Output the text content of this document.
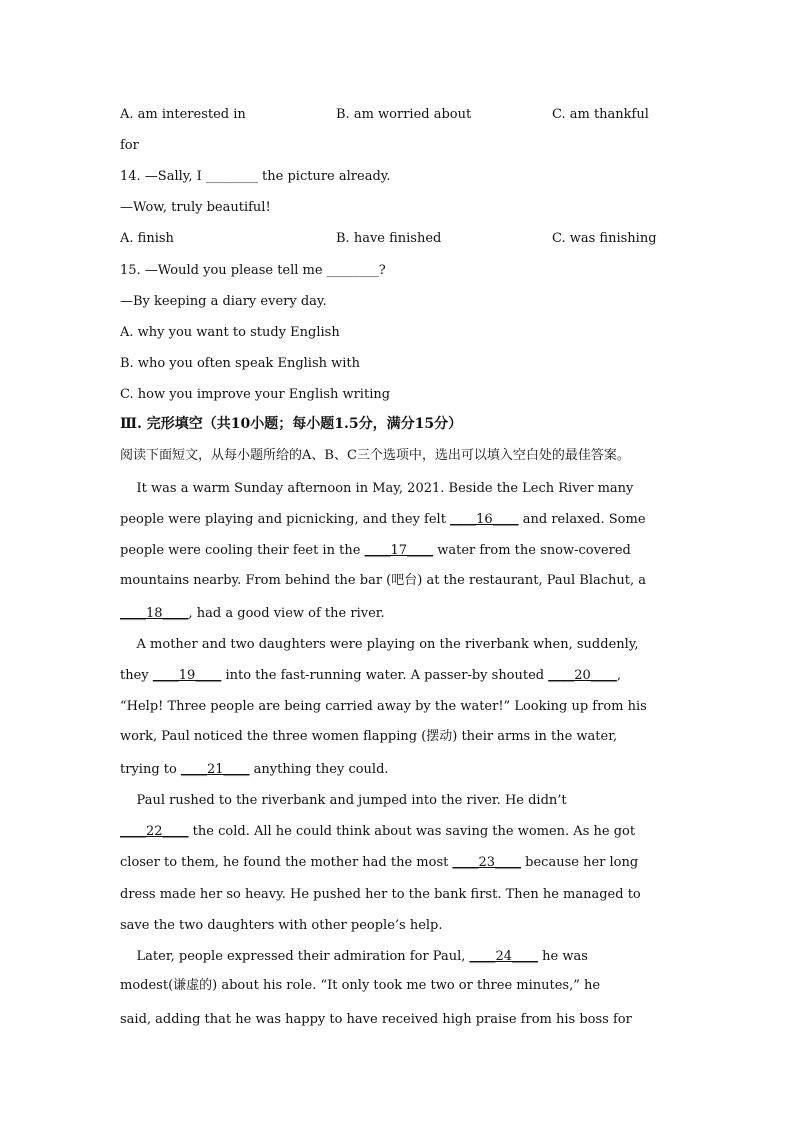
A. am interested in

	B. am worried about

	C. am thankful

for
14. —Sally, I ________ the picture already.
—Wow, truly beautiful!

A. finish

	B. have finished

	C. was finishing

15. —Would you please tell me ________?
—By keeping a diary every day.
A. why you want to study English
B. who you often speak English with
C. how you improve your English writing
Ⅲ. 完形填空（共10小题；每小题1.5分，满分15分）
阅读下面短文，从每小题所给的A、B、C三个选项中，选出可以填入空白处的最佳答案。
It was a warm Sunday afternoon in May, 2021. Beside the Lech River many
people were playing and picnicking, and they felt ____16____ and relaxed. Some
people were cooling their feet in the ____17____ water from the snow-covered
mountains nearby. From behind the bar (吧台) at the restaurant, Paul Blachut, a
____18____, had a good view of the river.
A mother and two daughters were playing on the riverbank when, suddenly,
they ____19____ into the fast-running water. A passer-by shouted ____20____,
“Help! Three people are being carried away by the water!” Looking up from his
work, Paul noticed the three women flapping (摆动) their arms in the water,
trying to ____21____ anything they could.
Paul rushed to the riverbank and jumped into the river. He didn’t
____22____ the cold. All he could think about was saving the women. As he got
closer to them, he found the mother had the most ____23____ because her long
dress made her so heavy. He pushed her to the bank first. Then he managed to
save the two daughters with other people’s help.
Later, people expressed their admiration for Paul, ____24____ he was
modest(谦虚的) about his role. “It only took me two or three minutes,” he
said, adding that he was happy to have received high praise from his boss for
